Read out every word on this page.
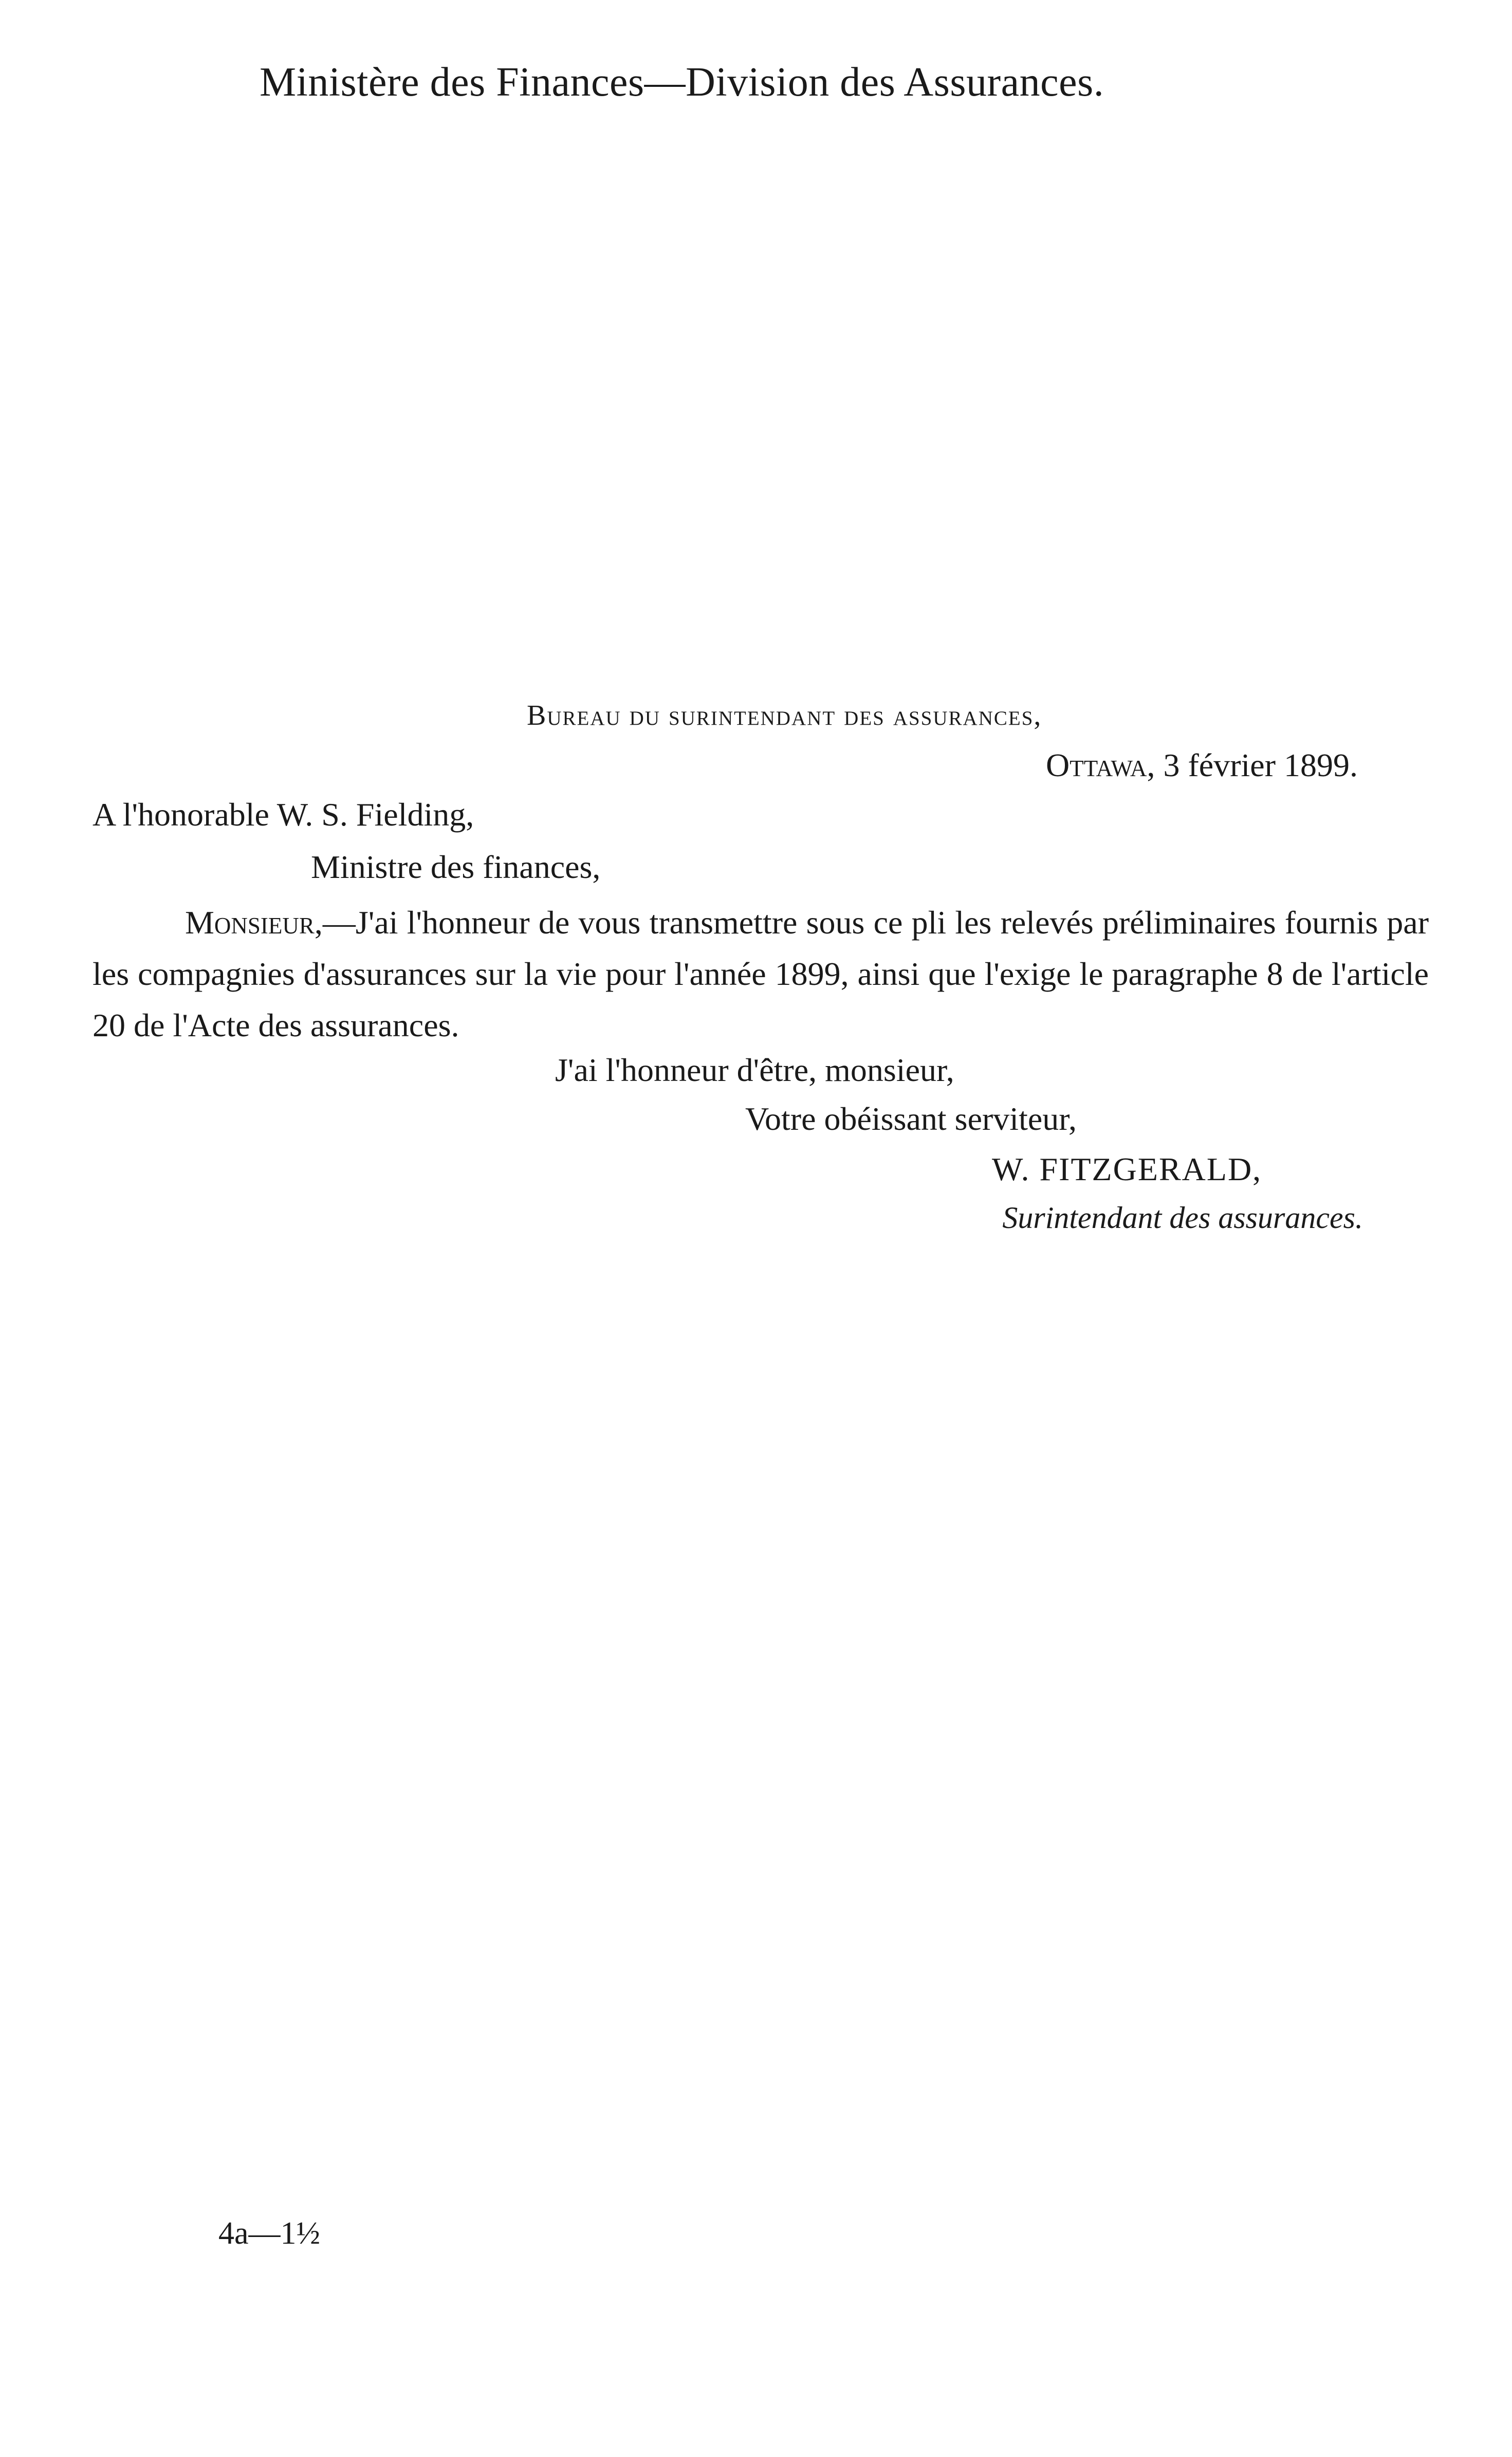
Ministère des Finances—Division des Assurances.
Bureau du surintendant des assurances,
Ottawa, 3 février 1899.
A l'honorable W. S. Fielding,
Ministre des finances,
Monsieur,—J'ai l'honneur de vous transmettre sous ce pli les relevés préliminaires fournis par les compagnies d'assurances sur la vie pour l'année 1899, ainsi que l'exige le paragraphe 8 de l'article 20 de l'Acte des assurances.
J'ai l'honneur d'être, monsieur,
Votre obéissant serviteur,
W. FITZGERALD,
Surintendant des assurances.
4a—1½
